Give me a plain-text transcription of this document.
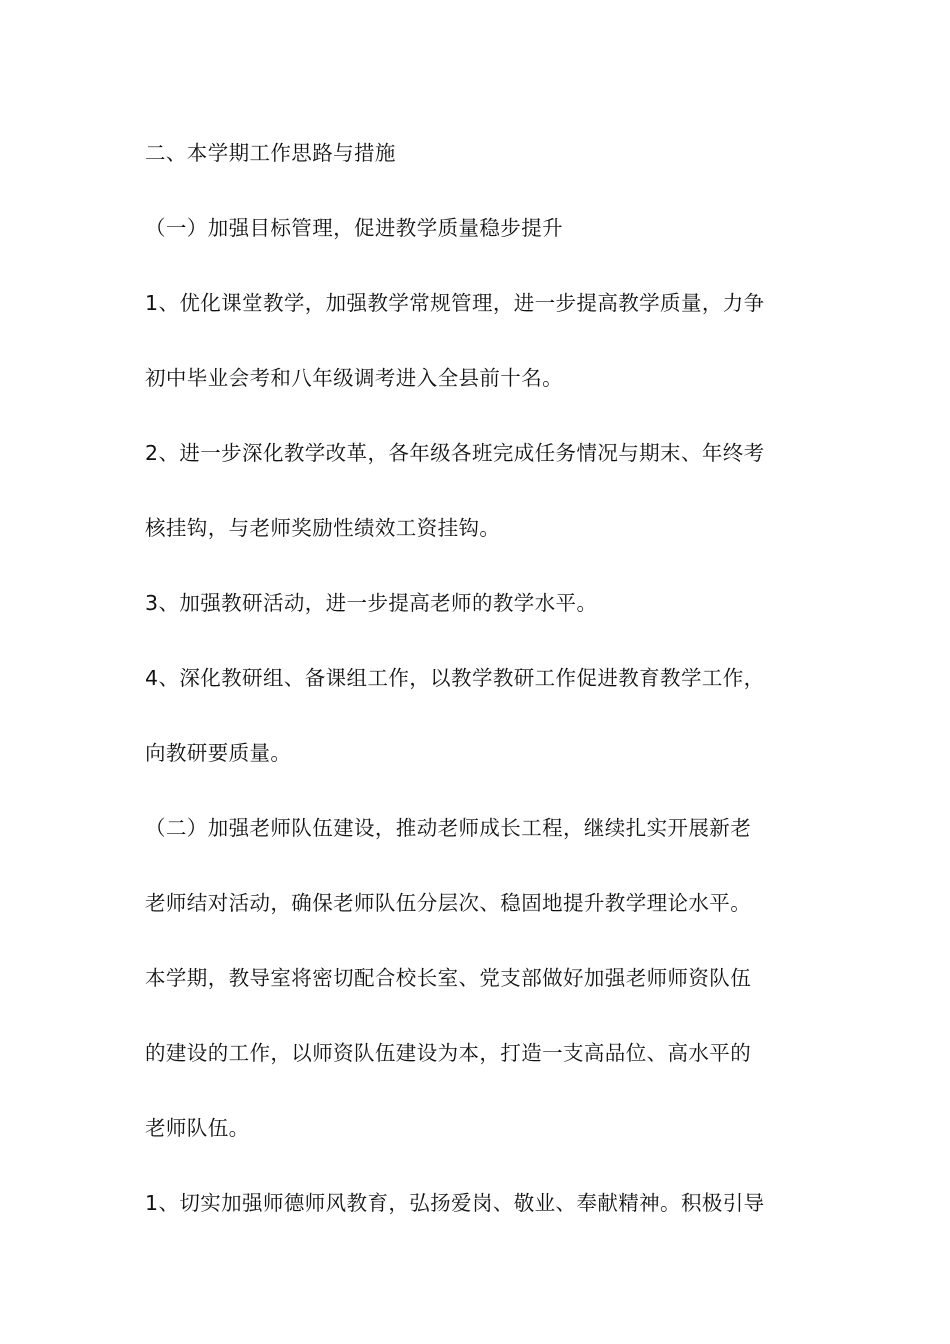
二、本学期工作思路与措施
（一）加强目标管理，促进教学质量稳步提升
1、优化课堂教学，加强教学常规管理，进一步提高教学质量，力争
初中毕业会考和八年级调考进入全县前十名。
2、进一步深化教学改革，各年级各班完成任务情况与期末、年终考
核挂钩，与老师奖励性绩效工资挂钩。
3、加强教研活动，进一步提高老师的教学水平。
4、深化教研组、备课组工作，以教学教研工作促进教育教学工作，
向教研要质量。
（二）加强老师队伍建设，推动老师成长工程，继续扎实开展新老
老师结对活动，确保老师队伍分层次、稳固地提升教学理论水平。
本学期，教导室将密切配合校长室、党支部做好加强老师师资队伍
的建设的工作，以师资队伍建设为本，打造一支高品位、高水平的
老师队伍。
1、切实加强师德师风教育，弘扬爱岗、敬业、奉献精神。积极引导
